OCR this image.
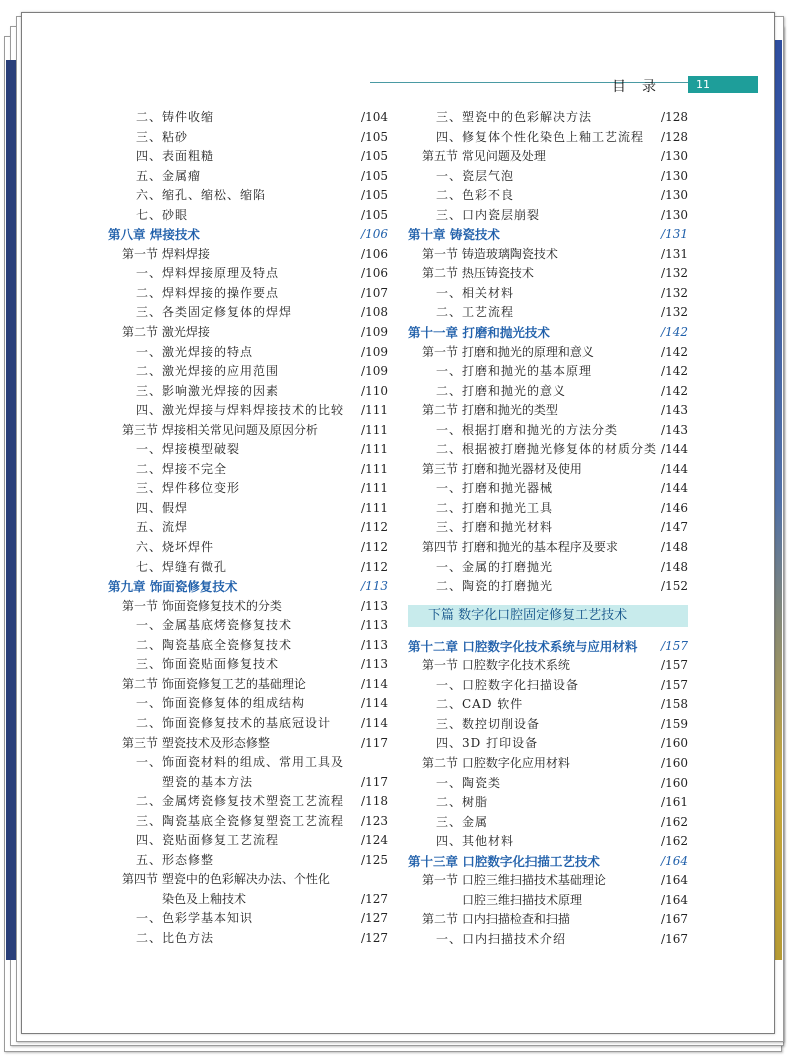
目录	11
二、铸件收缩	/104
三、粘砂	/105
四、表面粗糙	/105
五、金属瘤	/105
六、缩孔、缩松、缩陷	/105
七、砂眼	/105
第八章 焊接技术	/106
第一节 焊料焊接	/106
一、焊料焊接原理及特点	/106
二、焊料焊接的操作要点	/107
三、各类固定修复体的焊焊	/108
第二节 激光焊接	/109
一、激光焊接的特点	/109
二、激光焊接的应用范围	/109
三、影响激光焊接的因素	/110
四、激光焊接与焊料焊接技术的比较 /111
第三节 焊接相关常见问题及原因分析	/111
一、焊接模型破裂	/111
二、焊接不完全	/111
三、焊件移位变形	/111
四、假焊	/111
五、流焊	/112
六、烧坏焊件	/112
七、焊缝有微孔	/112
第九章 饰面瓷修复技术	/113
第一节 饰面瓷修复技术的分类	/113
一、金属基底烤瓷修复技术	/113
二、陶瓷基底全瓷修复技术	/113
三、饰面瓷贴面修复技术	/113
第二节 饰面瓷修复工艺的基础理论	/114
一、饰面瓷修复体的组成结构	/114
二、饰面瓷修复技术的基底冠设计	/114
第三节 塑瓷技术及形态修整	/117
一、饰面瓷材料的组成、常用工具及
塑瓷的基本方法	/117
二、金属烤瓷修复技术塑瓷工艺流程 /118
三、陶瓷基底全瓷修复塑瓷工艺流程 /123
四、瓷贴面修复工艺流程	/124
五、形态修整	/125
第四节 塑瓷中的色彩解决办法、个性化
染色及上釉技术	/127
一、色彩学基本知识	/127
二、比色方法	/127
三、塑瓷中的色彩解决方法	/128
四、修复体个性化染色上釉工艺流程 /128
第五节 常见问题及处理	/130
一、瓷层气泡	/130
二、色彩不良	/130
三、口内瓷层崩裂	/130
第十章 铸瓷技术	/131
第一节 铸造玻璃陶瓷技术	/131
第二节 热压铸瓷技术	/132
一、相关材料	/132
二、工艺流程	/132
第十一章 打磨和抛光技术	/142
第一节 打磨和抛光的原理和意义	/142
一、打磨和抛光的基本原理	/142
二、打磨和抛光的意义	/142
第二节 打磨和抛光的类型	/143
一、根据打磨和抛光的方法分类	/143
二、根据被打磨抛光修复体的材质分类 /144
第三节 打磨和抛光器材及使用	/144
一、打磨和抛光器械	/144
二、打磨和抛光工具	/146
三、打磨和抛光材料	/147
第四节 打磨和抛光的基本程序及要求	/148
一、金属的打磨抛光	/148
二、陶瓷的打磨抛光	/152
下篇 数字化口腔固定修复工艺技术
第十二章 口腔数字化技术系统与应用材料 /157
第一节 口腔数字化技术系统	/157
一、口腔数字化扫描设备	/157
二、CAD 软件	/158
三、数控切削设备	/159
四、3D 打印设备	/160
第二节 口腔数字化应用材料	/160
一、陶瓷类	/160
二、树脂	/161
三、金属	/162
四、其他材料	/162
第十三章 口腔数字化扫描工艺技术	/164
第一节 口腔三维扫描技术基础理论	/164
口腔三维扫描技术原理	/164
第二节 口内扫描检查和扫描	/167
一、口内扫描技术介绍	/167
